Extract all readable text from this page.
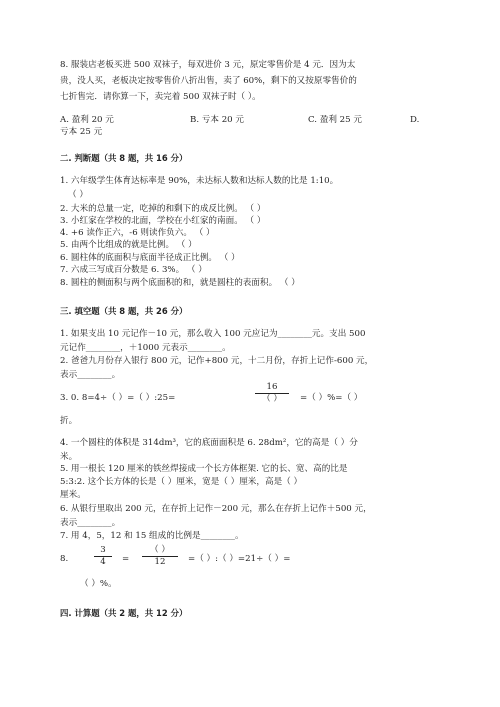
8. 服装店老板买进 500 双袜子，每双进价 3 元，原定零售价是 4 元．因为太
贵，没人买，老板决定按零售价八折出售，卖了 60%，剩下的又按原零售价的
七折售完．请你算一下，卖完着 500 双袜子时（ ）。
A. 盈利 20 元	B. 亏本 20 元	C. 盈利 25 元	D.
亏本 25 元
二. 判断题（共 8 题，共 16 分）
1. 六年级学生体育达标率是 90%，未达标人数和达标人数的比是 1:10。
（ ）
2. 大米的总量一定，吃掉的和剩下的成反比例。 （ ）
3. 小红家在学校的北面，学校在小红家的南面。 （ ）
4. +6 读作正六，-6 则读作负六。 （ ）
5. 由两个比组成的就是比例。 （ ）
6. 圆柱体的底面积与底面半径成正比例。 （ ）
7. 六成三写成百分数是 6. 3%。 （ ）
8. 圆柱的侧面积与两个底面积的和，就是圆柱的表面积。 （ ）
三. 填空题（共 8 题，共 26 分）
1. 如果支出 10 元记作－10 元，那么收入 100 元应记为________元。支出 500
元记作________，＋1000 元表示________。
2. 爸爸九月份存入银行 800 元，记作+800 元，十二月份，存折上记作-600 元，
表示________。
3. 0. 8=4÷（ ）=（ ）:25=
16
（ ）	=（ ）%=（ ）
折。
4. 一个圆柱的体积是 314dm³，它的底面面积是 6. 28dm²，它的高是（ ）分
米。
5. 用一根长 120 厘米的铁丝焊接成一个长方体框架. 它的长、宽、高的比是
5:3:2. 这个长方体的长是（ ）厘米，宽是（ ）厘米，高是（ ）
厘米。
6. 从银行里取出 200 元，在存折上记作－200 元，那么在存折上记作＋500 元，
表示________。
7. 用 4，5，12 和 15 组成的比例是________。
8.	$\frac{3}{4}$ =
（ ）
12	=（ ）:（ ）=21÷（ ）=
（ ）%。
四. 计算题（共 2 题，共 12 分）
